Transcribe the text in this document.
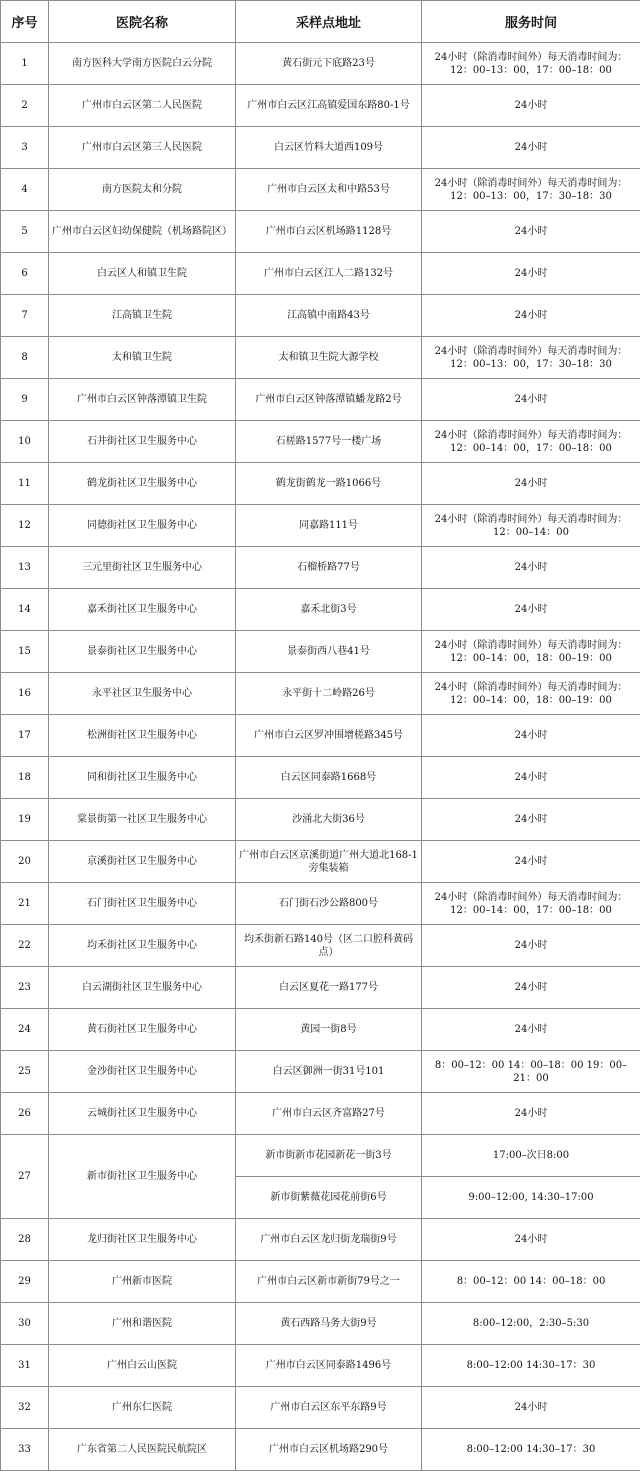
序号	医院名称	采样点地址	服务时间
1	南方医科大学南方医院白云分院	黄石街元下底路23号	24小时（除消毒时间外）每天消毒时间为：12：00–13：00，17：00–18：00
2	广州市白云区第二人民医院	广州市白云区江高镇爱国东路80-1号	24小时
3	广州市白云区第三人民医院	白云区竹料大道西109号	24小时
4	南方医院太和分院	广州市白云区太和中路53号	24小时（除消毒时间外）每天消毒时间为：12：00–13：00，17：30–18：30
5	广州市白云区妇幼保健院（机场路院区）	广州市白云区机场路1128号	24小时
6	白云区人和镇卫生院	广州市白云区江人二路132号	24小时
7	江高镇卫生院	江高镇中南路43号	24小时
8	太和镇卫生院	太和镇卫生院大源学校	24小时（除消毒时间外）每天消毒时间为：12：00–13：00，17：30–18：30
9	广州市白云区钟落潭镇卫生院	广州市白云区钟落潭镇蟠龙路2号	24小时
10	石井街社区卫生服务中心	石槎路1577号一楼广场	24小时（除消毒时间外）每天消毒时间为：12：00–14：00，17：00–18：00
11	鹤龙街社区卫生服务中心	鹤龙街鹤龙一路1066号	24小时
12	同德街社区卫生服务中心	同嘉路111号	24小时（除消毒时间外）每天消毒时间为：12：00–14：00
13	三元里街社区卫生服务中心	石榴桥路77号	24小时
14	嘉禾街社区卫生服务中心	嘉禾北街3号	24小时
15	景泰街社区卫生服务中心	景泰街西八巷41号	24小时（除消毒时间外）每天消毒时间为：12：00–14：00，18：00–19：00
16	永平社区卫生服务中心	永平街十二岭路26号	24小时（除消毒时间外）每天消毒时间为：12：00–14：00，18：00–19：00
17	松洲街社区卫生服务中心	广州市白云区罗冲围增槎路345号	24小时
18	同和街社区卫生服务中心	白云区同泰路1668号	24小时
19	棠景街第一社区卫生服务中心	沙涌北大街36号	24小时
20	京溪街社区卫生服务中心	广州市白云区京溪街道广州大道北168-1旁集装箱	24小时
21	石门街社区卫生服务中心	石门街石沙公路800号	24小时（除消毒时间外）每天消毒时间为：12：00–14：00，17：00–18：00
22	均禾街社区卫生服务中心	均禾街新石路140号（区二口腔科黄码点）	24小时
23	白云湖街社区卫生服务中心	白云区夏花一路177号	24小时
24	黄石街社区卫生服务中心	黄园一街8号	24小时
25	金沙街社区卫生服务中心	白云区御洲一街31号101	8：00–12：00 14：00–18：00 19：00–21：00
26	云城街社区卫生服务中心	广州市白云区齐富路27号	24小时
27	新市街社区卫生服务中心	新市街新市花园新花一街3号	17:00–次日8:00
		新市街紫薇花园花前街6号	9:00–12:00, 14:30–17:00
28	龙归街社区卫生服务中心	广州市白云区龙归街龙瑞街9号	24小时
29	广州新市医院	广州市白云区新市新街79号之一	8：00–12：00 14：00–18：00
30	广州和谐医院	黄石西路马务大街9号	8:00–12:00，2:30–5:30
31	广州白云山医院	广州市白云区同泰路1496号	8:00–12:00 14:30–17：30
32	广州东仁医院	广州市白云区东平东路9号	24小时
33	广东省第二人民医院民航院区	广州市白云区机场路290号	8:00–12:00 14:30–17：30
